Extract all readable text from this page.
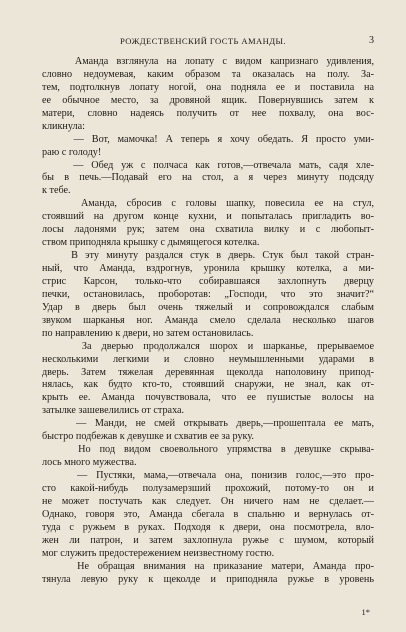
РОЖДЕСТВЕНСКИЙ ГОСТЬ АМАНДЫ.	3
Аманда взглянула на лопату с видом капризнаго удивления,
словно недоумевая, каким образом та оказалась на полу. За-
тем, подтолкнув лопату ногой, она подняла ее и поставила на
ее обычное место, за дровяной ящик. Повернувшись затем к
матери, словно надеясь получить от нее похвалу, она вос-
кликнула:
— Вот, мамочка! А теперь я хочу обедать. Я просто уми-
раю с голоду!
— Обед уж с полчаса как готов,—отвечала мать, садя хле-
бы в печь.—Подавай его на стол, а я через минуту подсяду
к тебе.
Аманда, сбросив с головы шапку, повесила ее на стул,
стоявший на другом конце кухни, и попыталась пригладить во-
лосы ладонями рук; затем она схватила вилку и с любопыт-
ством приподняла крышку с дымящегося котелка.
В эту минуту раздался стук в дверь. Стук был такой стран-
ный, что Аманда, вздрогнув, уронила крышку котелка, а ми-
стрис Карсон, только-что собиравшаяся захлопнуть дверцу
печки, остановилась, проборотав: „Господи, что это значит?“
Удар в дверь был очень тяжелый и сопровождался слабым
звуком шарканья ног. Аманда смело сделала несколько шагов
по направлению к двери, но затем остановилась.
За дверью продолжался шорох и шарканье, прерываемое
несколькими легкими и словно неумышленными ударами в
дверь. Затем тяжелая деревянная щеколда наполовину припод-
нялась, как будто кто-то, стоявший снаружи, не знал, как от-
крыть ее. Аманда почувствовала, что ее пушистые волосы на
затылке зашевелились от страха.
— Манди, не смей открывать дверь,—прошептала ее мать,
быстро подбежав к девушке и схватив ее за руку.
Но под видом своевольного упрямства в девушке скрыва-
лось много мужества.
— Пустяки, мама,—отвечала она, понизив голос,—это про-
сто какой-нибудь полузамерзший прохожий, потому-то он и
не может постучать как следует. Он ничего нам не сделает.—
Однако, говоря это, Аманда сбегала в спальню и вернулась от-
туда с ружьем в руках. Подходя к двери, она посмотрела, вло-
жен ли патрон, и затем захлопнула ружье с шумом, который
мог служить предостережением неизвестному гостю.
Не обращая внимания на приказание матери, Аманда про-
тянула левую руку к щеколде и приподняла ружье в уровень
1*
